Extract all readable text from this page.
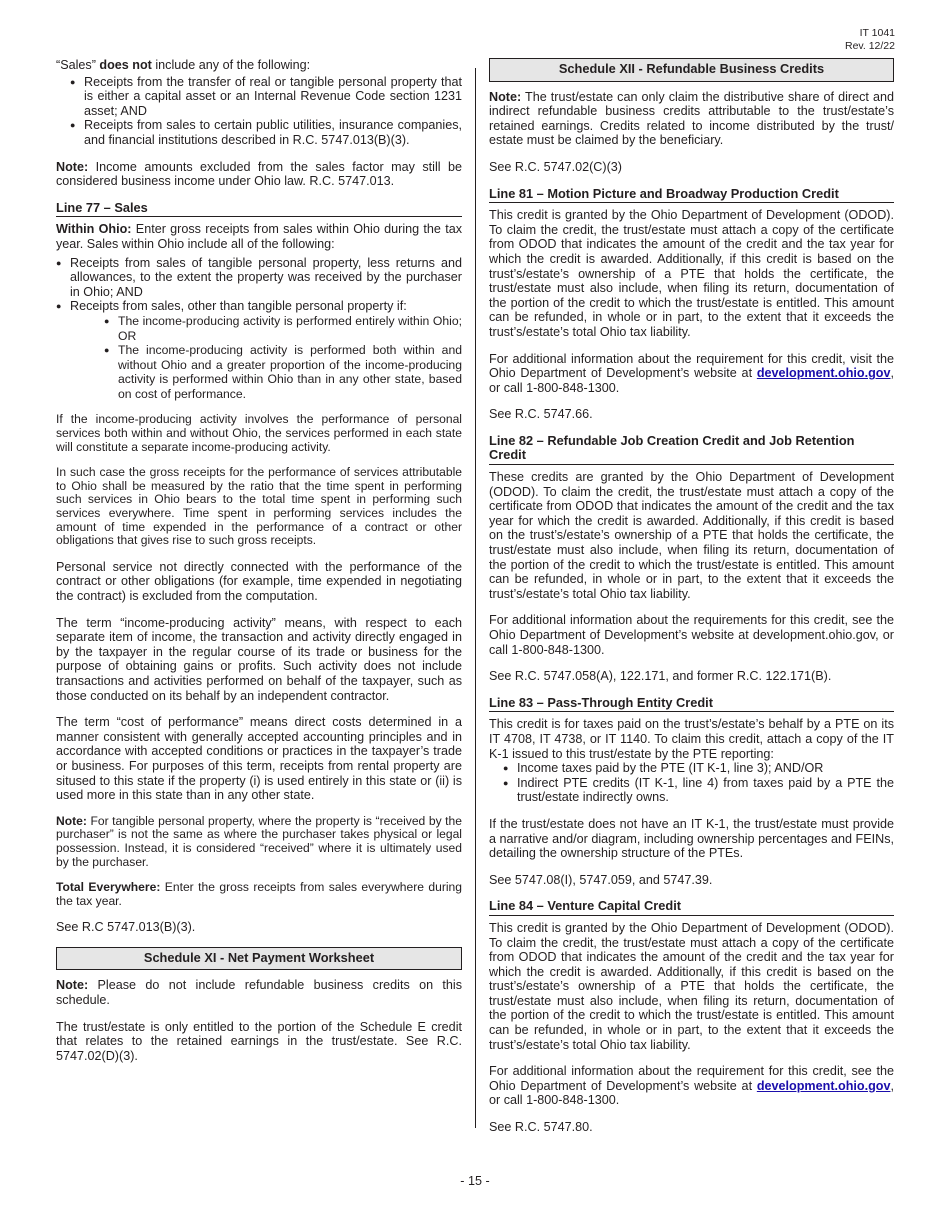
IT 1041
Rev. 12/22

“Sales” does not include any of the following:

● Receipts from the transfer of real or tangible personal property that is either a capital asset or an Internal Revenue Code section 1231 asset; AND
● Receipts from sales to certain public utilities, insurance companies, and financial institutions described in R.C. 5747.013(B)(3).

Note: Income amounts excluded from the sales factor may still be considered business income under Ohio law. R.C. 5747.013.

Line 77 – Sales

Within Ohio: Enter gross receipts from sales within Ohio during the tax year. Sales within Ohio include all of the following:

● Receipts from sales of tangible personal property, less returns and allowances, to the extent the property was received by the purchaser in Ohio; AND
● Receipts from sales, other than tangible personal property if:
● The income-producing activity is performed entirely within Ohio; OR
● The income-producing activity is performed both within and without Ohio and a greater proportion of the income-producing activity is performed within Ohio than in any other state, based on cost of performance.

If the income-producing activity involves the performance of personal services both within and without Ohio, the services performed in each state will constitute a separate income-producing activity.

In such case the gross receipts for the performance of services attributable to Ohio shall be measured by the ratio that the time spent in performing such services in Ohio bears to the total time spent in performing such services everywhere. Time spent in performing services includes the amount of time expended in the performance of a contract or other obligations that gives rise to such gross receipts.

Personal service not directly connected with the performance of the contract or other obligations (for example, time expended in negotiating the contract) is excluded from the computation.

The term “income-producing activity” means, with respect to each separate item of income, the transaction and activity directly engaged in by the taxpayer in the regular course of its trade or business for the purpose of obtaining gains or profits. Such activity does not include transactions and activities performed on behalf of the taxpayer, such as those conducted on its behalf by an independent contractor.

The term “cost of performance” means direct costs determined in a manner consistent with generally accepted accounting principles and in accordance with accepted conditions or practices in the taxpayer’s trade or business. For purposes of this term, receipts from rental property are sitused to this state if the property (i) is used entirely in this state or (ii) is used more in this state than in any other state.

Note: For tangible personal property, where the property is “received by the purchaser” is not the same as where the purchaser takes physical or legal possession. Instead, it is considered “received” where it is ultimately used by the purchaser.

Total Everywhere: Enter the gross receipts from sales everywhere during the tax year.

See R.C 5747.013(B)(3).

Schedule XI - Net Payment Worksheet

Note: Please do not include refundable business credits on this schedule.

The trust/estate is only entitled to the portion of the Schedule E credit that relates to the retained earnings in the trust/estate. See R.C. 5747.02(D)(3).

Schedule XII - Refundable Business Credits

Note: The trust/estate can only claim the distributive share of direct and indirect refundable business credits attributable to the trust/estate’s retained earnings. Credits related to income distributed by the trust/ estate must be claimed by the beneficiary.

See R.C. 5747.02(C)(3)

Line 81 – Motion Picture and Broadway Production Credit

This credit is granted by the Ohio Department of Development (ODOD). To claim the credit, the trust/estate must attach a copy of the certificate from ODOD that indicates the amount of the credit and the tax year for which the credit is awarded. Additionally, if this credit is based on the trust’s/estate’s ownership of a PTE that holds the certificate, the trust/estate must also include, when filing its return, documentation of the portion of the credit to which the trust/estate is entitled. This amount can be refunded, in whole or in part, to the extent that it exceeds the trust’s/estate’s total Ohio tax liability.

For additional information about the requirement for this credit, visit the Ohio Department of Development’s website at development.ohio.gov, or call 1-800-848-1300.

See R.C. 5747.66.

Line 82 – Refundable Job Creation Credit and Job Retention Credit

These credits are granted by the Ohio Department of Development (ODOD). To claim the credit, the trust/estate must attach a copy of the certificate from ODOD that indicates the amount of the credit and the tax year for which the credit is awarded. Additionally, if this credit is based on the trust’s/estate’s ownership of a PTE that holds the certificate, the trust/estate must also include, when filing its return, documentation of the portion of the credit to which the trust/estate is entitled. This amount can be refunded, in whole or in part, to the extent that it exceeds the trust’s/estate’s total Ohio tax liability.

For additional information about the requirements for this credit, see the Ohio Department of Development’s website at development.ohio.gov, or call 1-800-848-1300.

See R.C. 5747.058(A), 122.171, and former R.C. 122.171(B).

Line 83 – Pass-Through Entity Credit

This credit is for taxes paid on the trust’s/estate’s behalf by a PTE on its IT 4708, IT 4738, or IT 1140. To claim this credit, attach a copy of the IT K-1 issued to this trust/estate by the PTE reporting:

● Income taxes paid by the PTE (IT K-1, line 3); AND/OR
● Indirect PTE credits (IT K-1, line 4) from taxes paid by a PTE the trust/estate indirectly owns.

If the trust/estate does not have an IT K-1, the trust/estate must provide a narrative and/or diagram, including ownership percentages and FEINs, detailing the ownership structure of the PTEs.

See 5747.08(I), 5747.059, and 5747.39.

Line 84 – Venture Capital Credit

This credit is granted by the Ohio Department of Development (ODOD). To claim the credit, the trust/estate must attach a copy of the certificate from ODOD that indicates the amount of the credit and the tax year for which the credit is awarded. Additionally, if this credit is based on the trust’s/estate’s ownership of a PTE that holds the certificate, the trust/estate must also include, when filing its return, documentation of the portion of the credit to which the trust/estate is entitled. This amount can be refunded, in whole or in part, to the extent that it exceeds the trust’s/estate’s total Ohio tax liability.

For additional information about the requirement for this credit, see the Ohio Department of Development’s website at development.ohio.gov, or call 1-800-848-1300.

See R.C. 5747.80.

- 15 -
